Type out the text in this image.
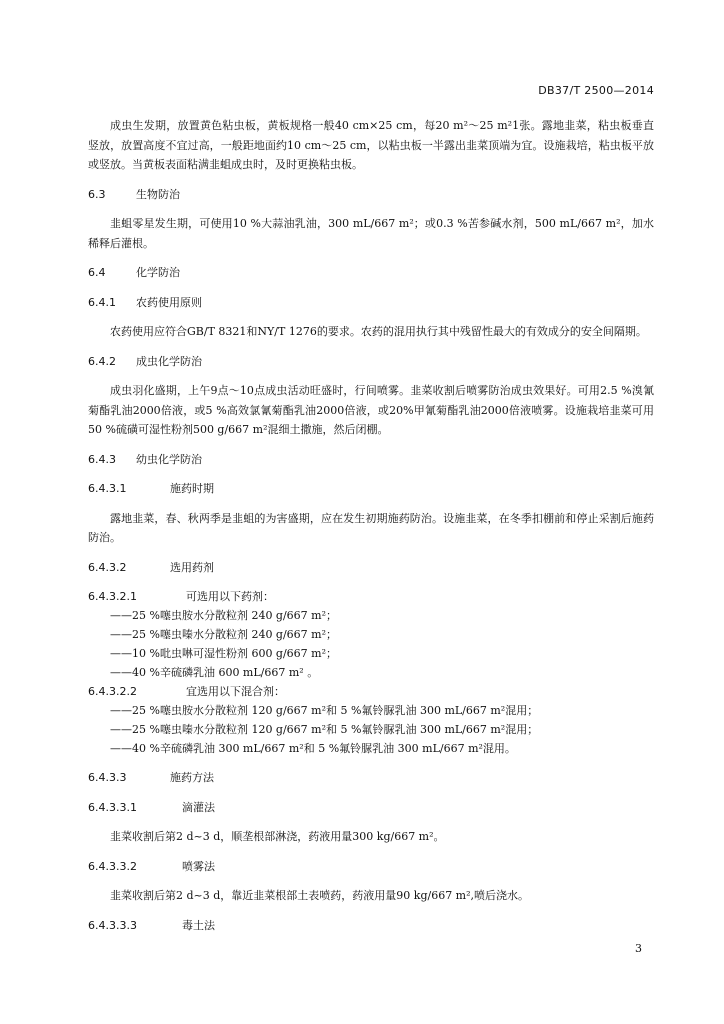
DB37/T 2500—2014

成虫生发期，放置黄色粘虫板，黄板规格一般40 cm×25 cm，每20 m²～25 m²1张。露地韭菜，粘虫板垂直竖放，放置高度不宜过高，一般距地面约10 cm～25 cm，以粘虫板一半露出韭菜顶端为宜。设施栽培，粘虫板平放或竖放。当黄板表面粘满韭蛆成虫时，及时更换粘虫板。

6.3	生物防治

韭蛆零星发生期，可使用10 %大蒜油乳油，300 mL/667 m²；或0.3 %苦参碱水剂，500 mL/667 m²，加水稀释后灌根。

6.4	化学防治
6.4.1 农药使用原则

农药使用应符合GB/T 8321和NY/T 1276的要求。农药的混用执行其中残留性最大的有效成分的安全间隔期。

6.4.2 成虫化学防治

成虫羽化盛期，上午9点～10点成虫活动旺盛时，行间喷雾。韭菜收割后喷雾防治成虫效果好。可用2.5 %溴氰菊酯乳油2000倍液，或5 %高效氯氰菊酯乳油2000倍液，或20%甲氰菊酯乳油2000倍液喷雾。设施栽培韭菜可用50 %硫磺可湿性粉剂500 g/667 m²混细土撒施，然后闭棚。

6.4.3 幼虫化学防治
6.4.3.1	施药时期

露地韭菜，春、秋两季是韭蛆的为害盛期，应在发生初期施药防治。设施韭菜，在冬季扣棚前和停止采割后施药防治。

6.4.3.2	选用药剂
6.4.3.2.1	可选用以下药剂：
——25 %噻虫胺水分散粒剂 240 g/667 m²；
——25 %噻虫嗪水分散粒剂 240 g/667 m²；
——10 %吡虫啉可湿性粉剂 600 g/667 m²；
——40 %辛硫磷乳油 600 mL/667 m² 。
6.4.3.2.2	宜选用以下混合剂：
——25 %噻虫胺水分散粒剂 120 g/667 m²和 5 %氟铃脲乳油 300 mL/667 m²混用；
——25 %噻虫嗪水分散粒剂 120 g/667 m²和 5 %氟铃脲乳油 300 mL/667 m²混用；
——40 %辛硫磷乳油 300 mL/667 m²和 5 %氟铃脲乳油 300 mL/667 m²混用。
6.4.3.3	施药方法
6.4.3.3.1	滴灌法

韭菜收割后第2 d~3 d，顺垄根部淋浇，药液用量300 kg/667 m²。

6.4.3.3.2	喷雾法

韭菜收割后第2 d~3 d，靠近韭菜根部土表喷药，药液用量90 kg/667 m²,喷后浇水。

6.4.3.3.3	毒土法
3
